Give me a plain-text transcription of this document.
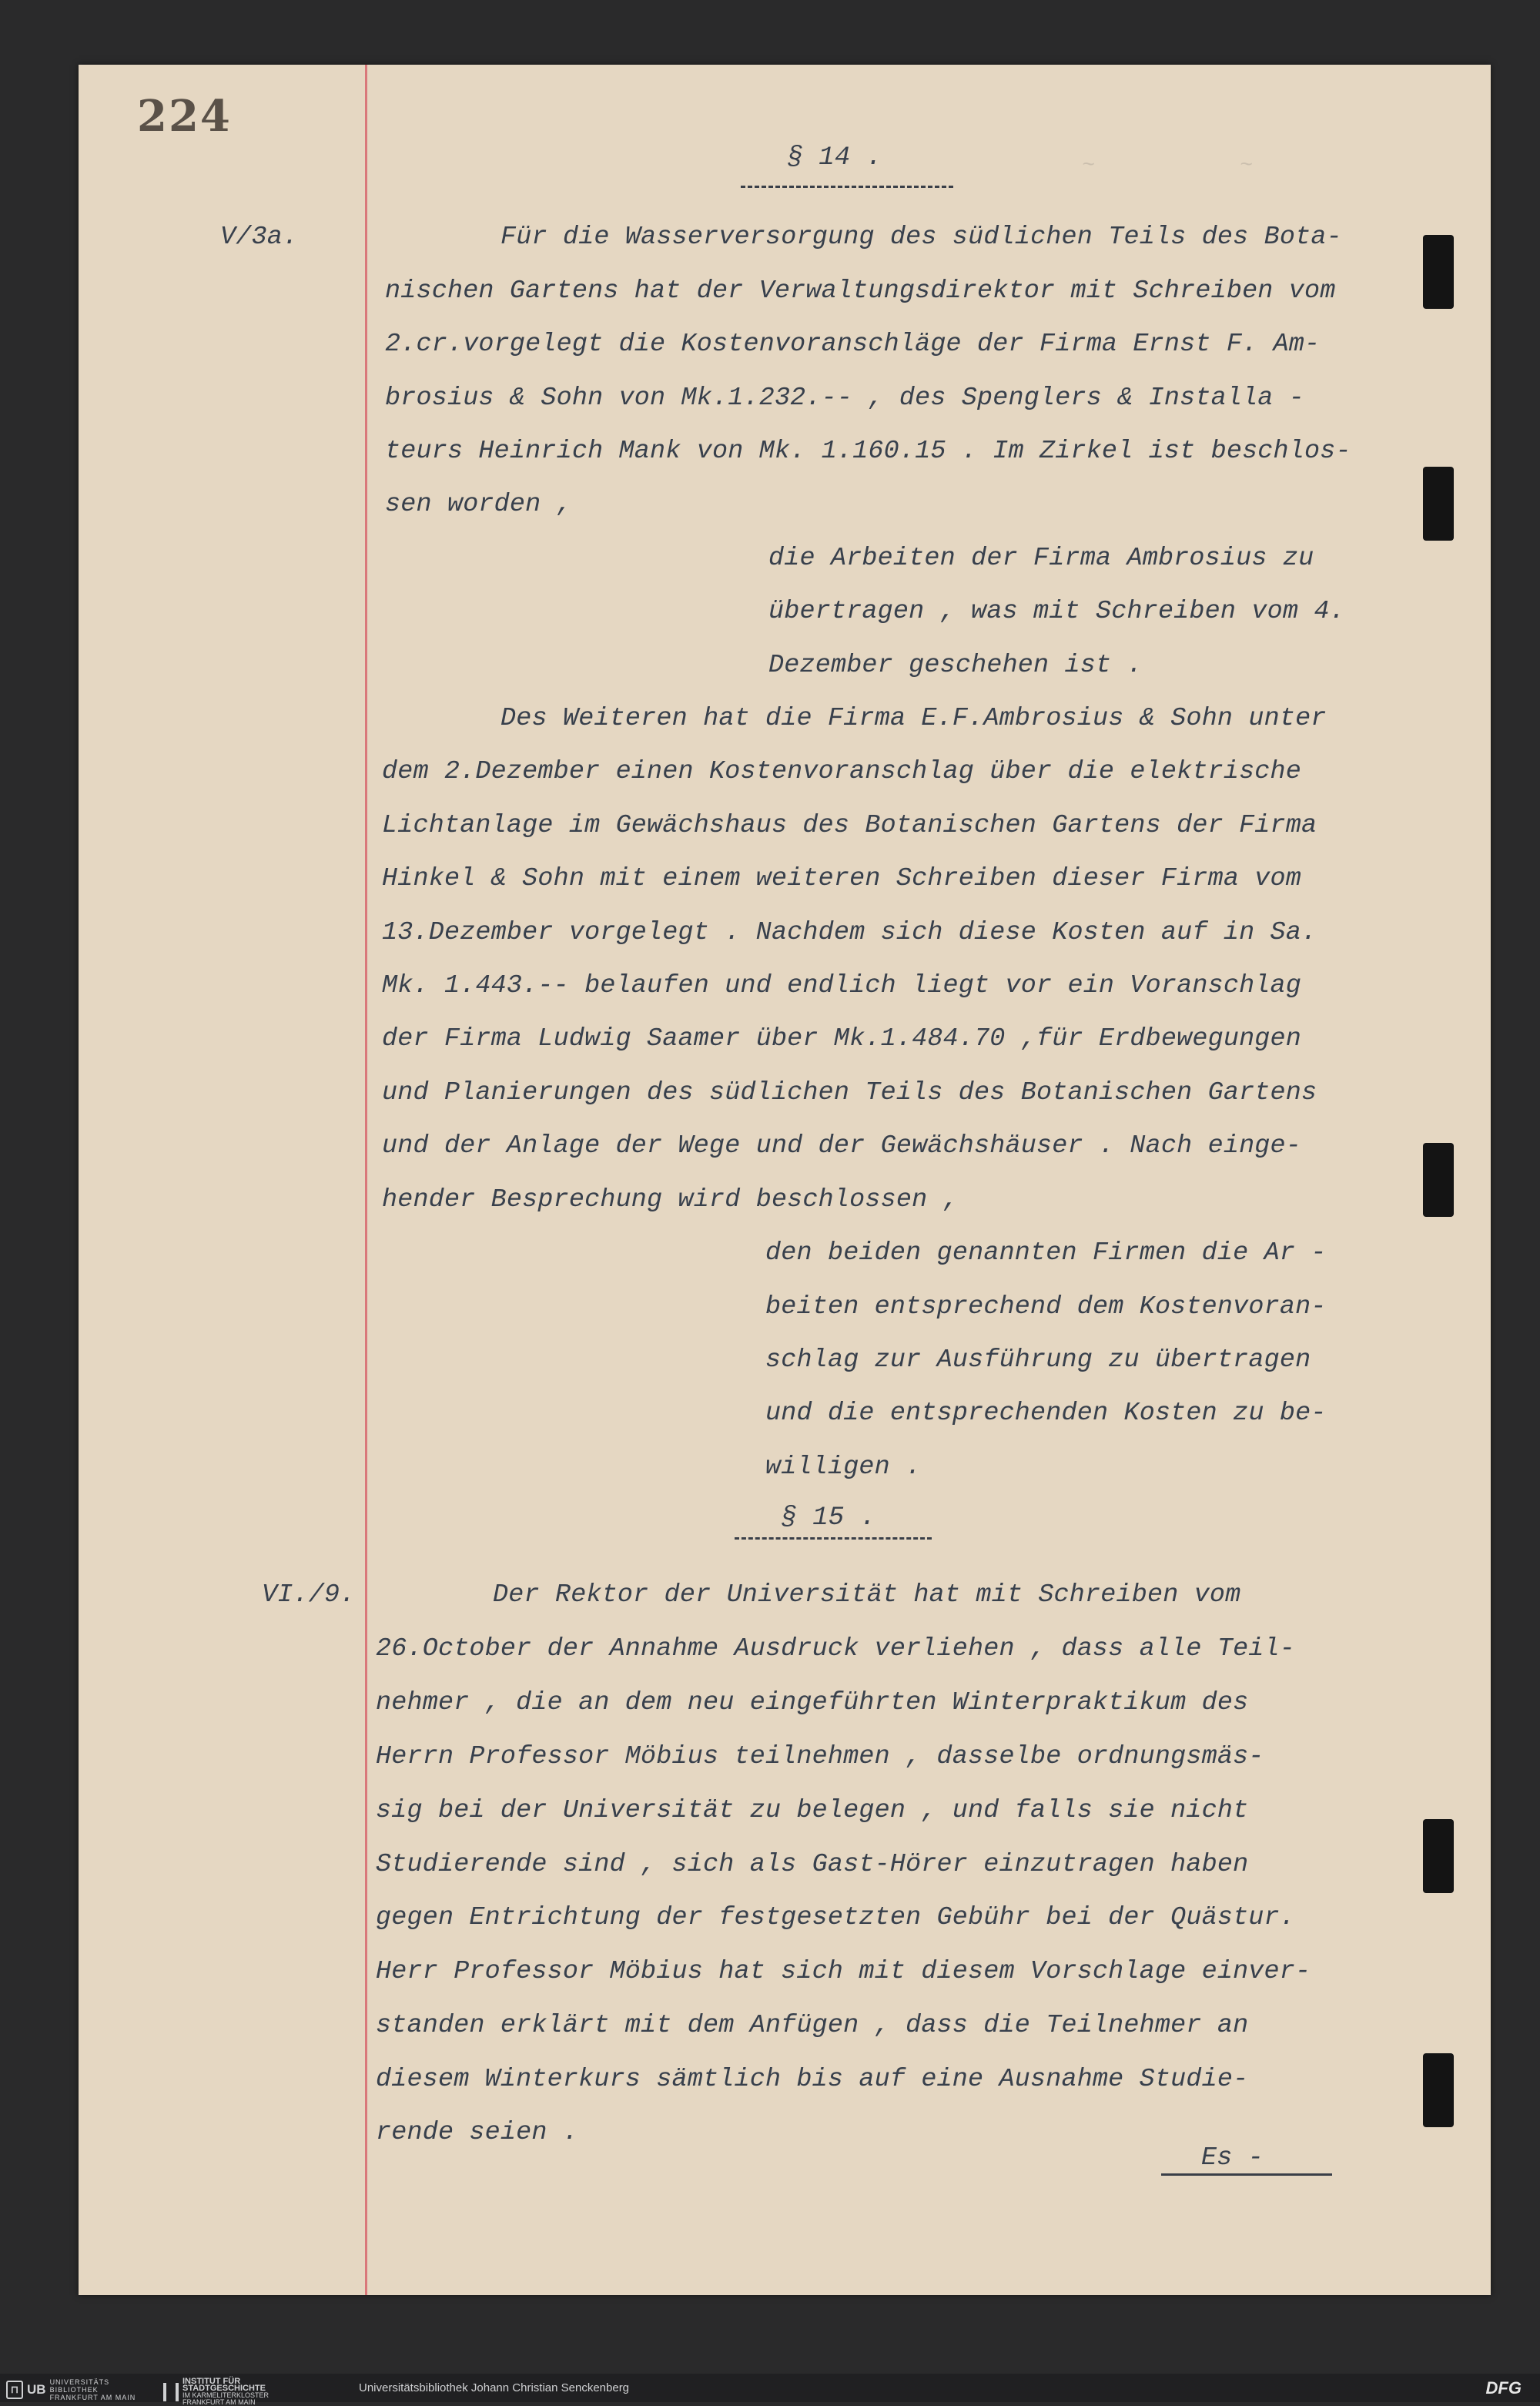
224
~	~
§ 14 .
V/3a.	Für die Wasserversorgung des südlichen Teils des Bota-
nischen Gartens hat der Verwaltungsdirektor mit Schreiben vom
2.cr.vorgelegt die Kostenvoranschläge der Firma Ernst F. Am-
brosius & Sohn von Mk.1.232.-- , des Spenglers & Installa -
teurs Heinrich Mank von Mk. 1.160.15 . Im Zirkel ist beschlos-
sen worden ,
die Arbeiten der Firma Ambrosius zu
übertragen , was mit Schreiben vom 4.
Dezember geschehen ist .
Des Weiteren hat die Firma E.F.Ambrosius & Sohn unter
dem 2.Dezember einen Kostenvoranschlag über die elektrische
Lichtanlage im Gewächshaus des Botanischen Gartens der Firma
Hinkel & Sohn mit einem weiteren Schreiben dieser Firma vom
13.Dezember vorgelegt . Nachdem sich diese Kosten auf in Sa.
Mk. 1.443.-- belaufen und endlich liegt vor ein Voranschlag
der Firma Ludwig Saamer über Mk.1.484.70 ,für Erdbewegungen
und Planierungen des südlichen Teils des Botanischen Gartens
und der Anlage der Wege und der Gewächshäuser . Nach einge-
hender Besprechung wird beschlossen ,
den beiden genannten Firmen die Ar -
beiten entsprechend dem Kostenvoran-
schlag zur Ausführung zu übertragen
und die entsprechenden Kosten zu be-
willigen .
§ 15 .
VI./9.	Der Rektor der Universität hat mit Schreiben vom
26.October der Annahme Ausdruck verliehen , dass alle Teil-
nehmer , die an dem neu eingeführten Winterpraktikum des
Herrn Professor Möbius teilnehmen , dasselbe ordnungsmäs-
sig bei der Universität zu belegen , und falls sie nicht
Studierende sind , sich als Gast-Hörer einzutragen haben
gegen Entrichtung der festgesetzten Gebühr bei der Quästur.
Herr Professor Möbius hat sich mit diesem Vorschlage einver-
standen erklärt mit dem Anfügen , dass die Teilnehmer an
diesem Winterkurs sämtlich bis auf eine Ausnahme Studie-
rende seien .
Es -
⊓ UB UNIVERSITÄTS
BIBLIOTHEK
FRANKFURT AM MAIN
INSTITUT FÜR
STADTGESCHICHTE
IM KARMELITERKLOSTER
FRANKFURT AM MAIN
Universitätsbibliothek Johann Christian Senckenberg	DFG
